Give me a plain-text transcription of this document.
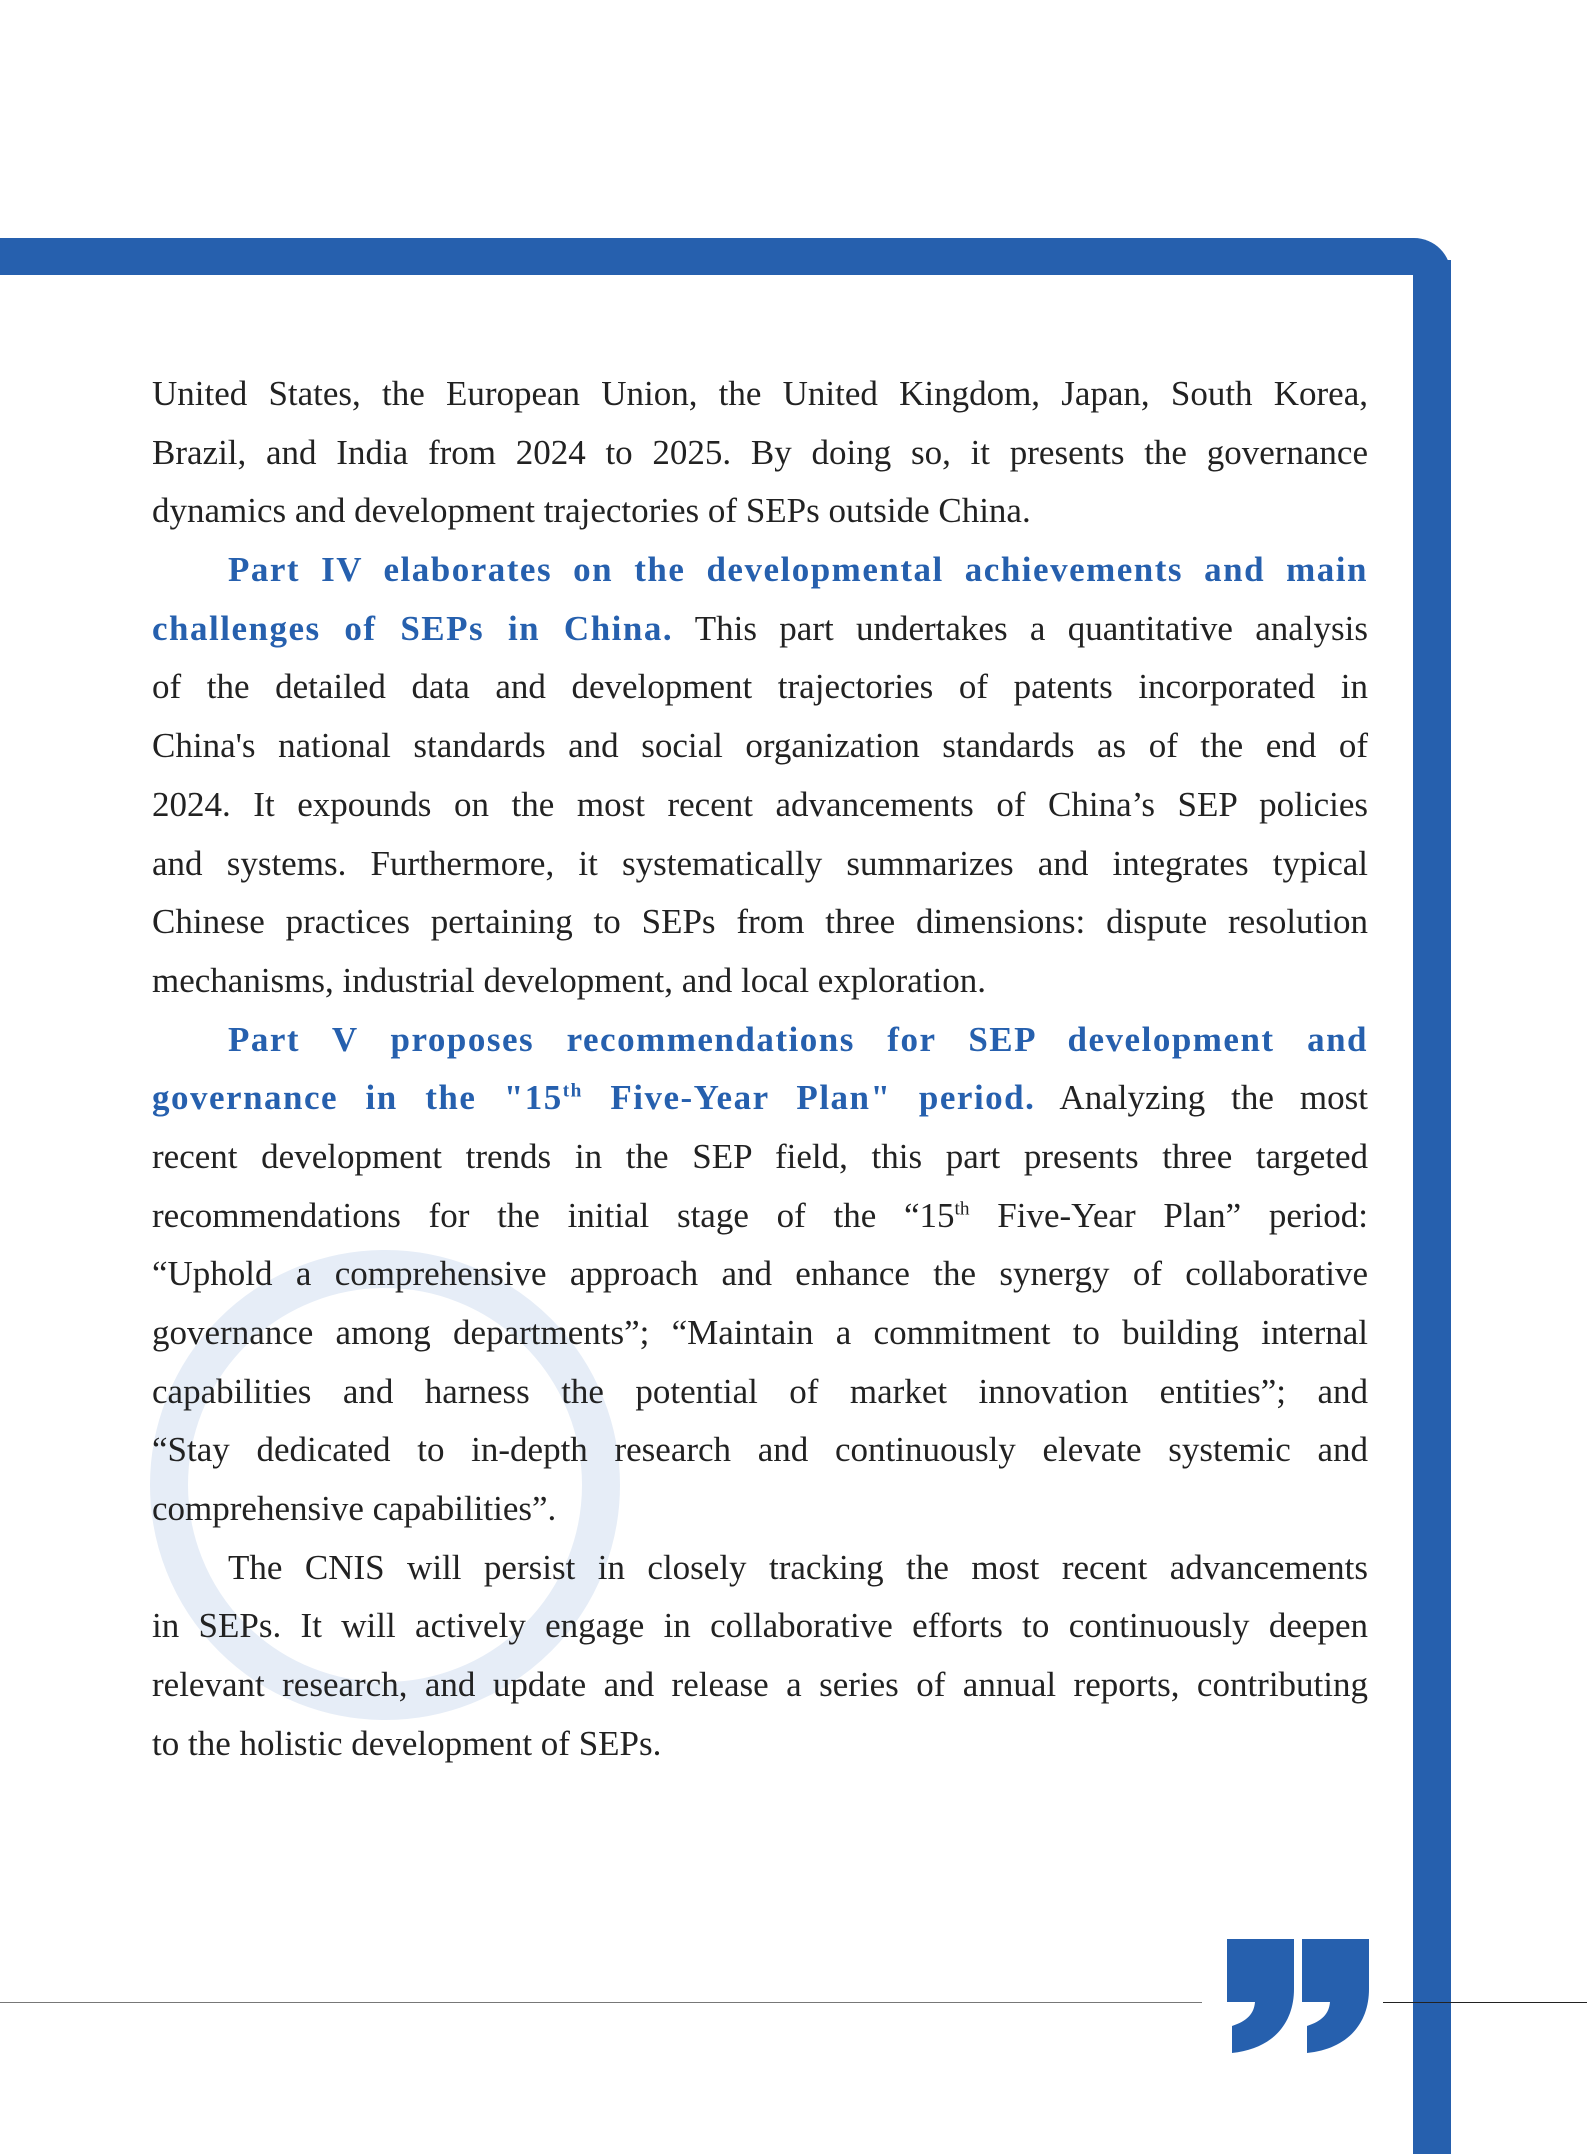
United States, the European Union, the United Kingdom, Japan, South Korea,
Brazil, and India from 2024 to 2025. By doing so, it presents the governance
dynamics and development trajectories of SEPs outside China.
Part IV elaborates on the developmental achievements and main
challenges of SEPs in China. This part undertakes a quantitative analysis
of the detailed data and development trajectories of patents incorporated in
China's national standards and social organization standards as of the end of
2024. It expounds on the most recent advancements of China’s SEP policies
and systems. Furthermore, it systematically summarizes and integrates typical
Chinese practices pertaining to SEPs from three dimensions: dispute resolution
mechanisms, industrial development, and local exploration.
Part V proposes recommendations for SEP development and
governance in the "15th Five-Year Plan" period. Analyzing the most
recent development trends in the SEP field, this part presents three targeted
recommendations for the initial stage of the “15th Five-Year Plan” period:
“Uphold a comprehensive approach and enhance the synergy of collaborative
governance among departments”; “Maintain a commitment to building internal
capabilities and harness the potential of market innovation entities”; and
“Stay dedicated to in-depth research and continuously elevate systemic and
comprehensive capabilities”.
The CNIS will persist in closely tracking the most recent advancements
in SEPs. It will actively engage in collaborative efforts to continuously deepen
relevant research, and update and release a series of annual reports, contributing
to the holistic development of SEPs.
